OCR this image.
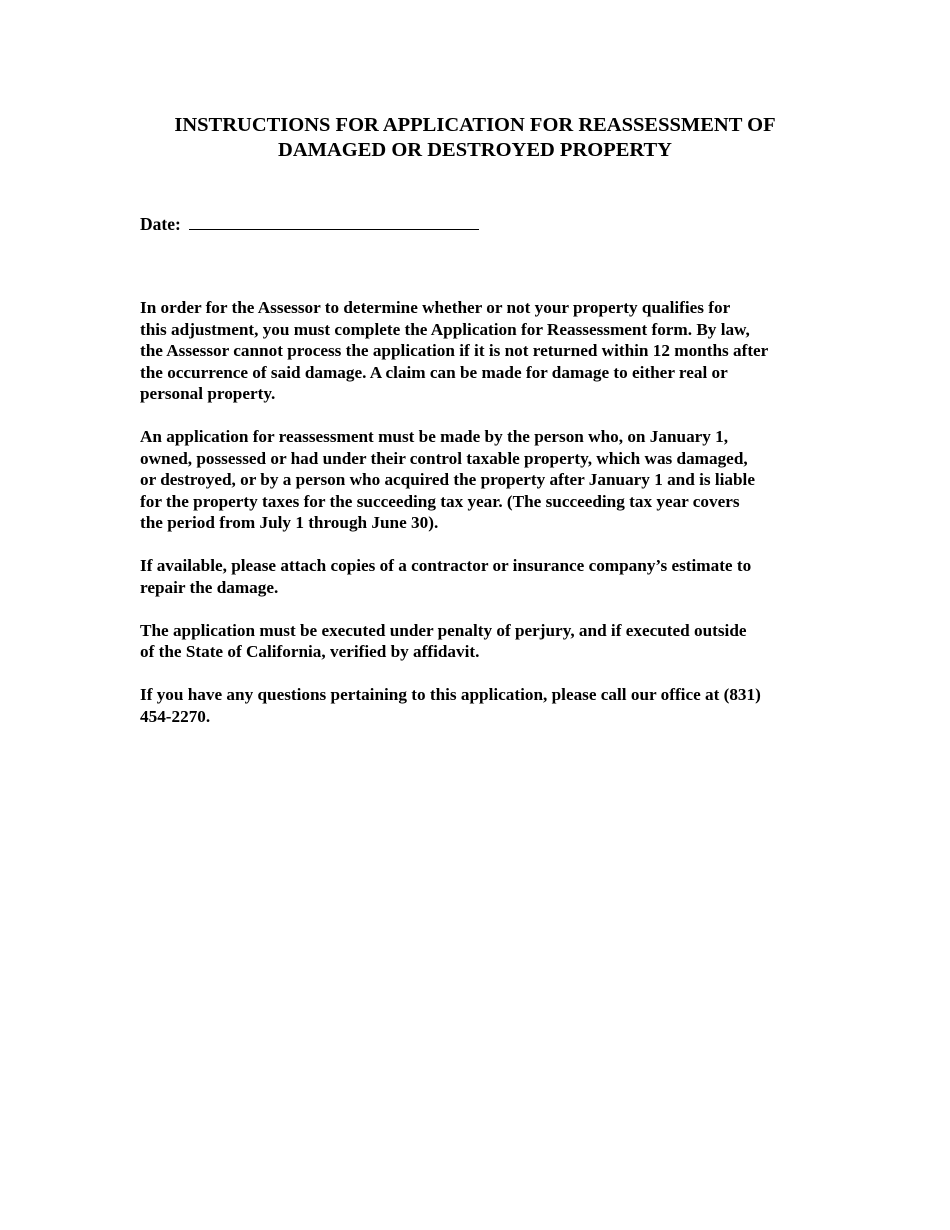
INSTRUCTIONS FOR APPLICATION FOR REASSESSMENT OF
DAMAGED OR DESTROYED PROPERTY
Date:

In order for the Assessor to determine whether or not your property qualifies for
this adjustment, you must complete the Application for Reassessment form. By law,
the Assessor cannot process the application if it is not returned within 12 months after
the occurrence of said damage. A claim can be made for damage to either real or
personal property.

An application for reassessment must be made by the person who, on January 1,
owned, possessed or had under their control taxable property, which was damaged,
or destroyed, or by a person who acquired the property after January 1 and is liable
for the property taxes for the succeeding tax year. (The succeeding tax year covers
the period from July 1 through June 30).

If available, please attach copies of a contractor or insurance company’s estimate to
repair the damage.

The application must be executed under penalty of perjury, and if executed outside
of the State of California, verified by affidavit.

If you have any questions pertaining to this application, please call our office at (831)
454-2270.
